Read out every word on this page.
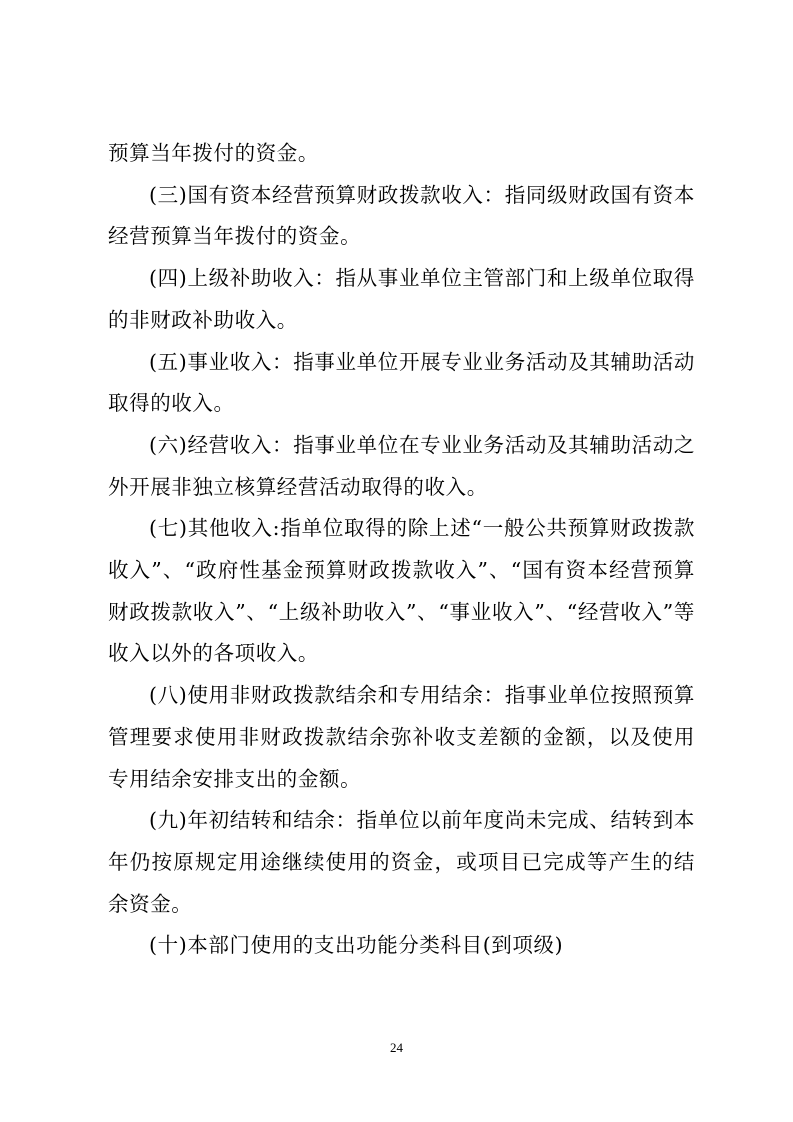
预算当年拨付的资金。

(三)国有资本经营预算财政拨款收入：指同级财政国有资本经营预算当年拨付的资金。

(四)上级补助收入：指从事业单位主管部门和上级单位取得的非财政补助收入。

(五)事业收入：指事业单位开展专业业务活动及其辅助活动取得的收入。

(六)经营收入：指事业单位在专业业务活动及其辅助活动之外开展非独立核算经营活动取得的收入。

(七)其他收入:指单位取得的除上述“一般公共预算财政拨款收入”、“政府性基金预算财政拨款收入”、“国有资本经营预算财政拨款收入”、“上级补助收入”、“事业收入”、“经营收入”等收入以外的各项收入。

(八)使用非财政拨款结余和专用结余：指事业单位按照预算管理要求使用非财政拨款结余弥补收支差额的金额，以及使用专用结余安排支出的金额。

(九)年初结转和结余：指单位以前年度尚未完成、结转到本年仍按原规定用途继续使用的资金，或项目已完成等产生的结余资金。

(十)本部门使用的支出功能分类科目(到项级)

24
